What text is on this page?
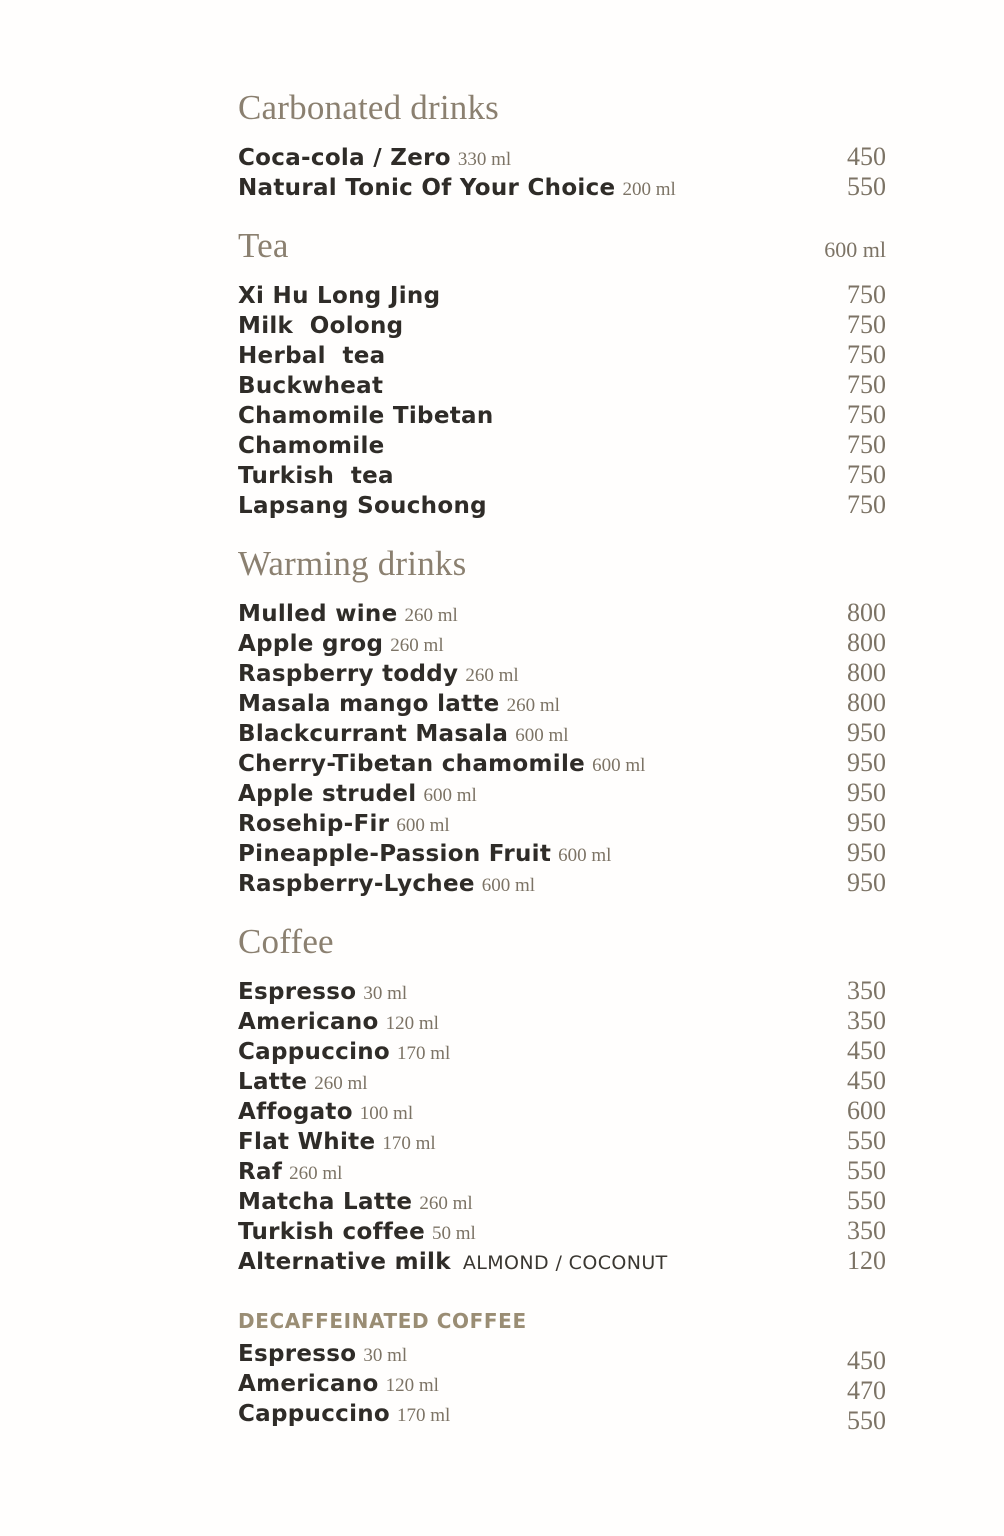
Carbonated drinks
Coca-cola / Zero 330 ml	450
Natural Tonic Of Your Choice 200 ml	550
Tea	600 ml
Xi Hu Long Jing	750
Milk  Oolong	750
Herbal  tea	750
Buckwheat	750
Chamomile Tibetan	750
Chamomile	750
Turkish  tea	750
Lapsang Souchong	750
Warming drinks
Mulled wine 260 ml	800
Apple grog 260 ml	800
Raspberry toddy 260 ml	800
Masala mango latte 260 ml	800
Blackcurrant Masala 600 ml	950
Cherry-Tibetan chamomile 600 ml	950
Apple strudel 600 ml	950
Rosehip-Fir 600 ml	950
Pineapple-Passion Fruit 600 ml	950
Raspberry-Lychee 600 ml	950
Coffee
Espresso 30 ml	350
Americano 120 ml	350
Cappuccino 170 ml	450
Latte 260 ml	450
Affogato 100 ml	600
Flat White 170 ml	550
Raf 260 ml	550
Matcha Latte 260 ml	550
Turkish coffee 50 ml	350
Alternative milk ALMOND / COCONUT	120
DECAFFEINATED COFFEE
Espresso 30 ml	450
Americano 120 ml	470
Cappuccino 170 ml	550
